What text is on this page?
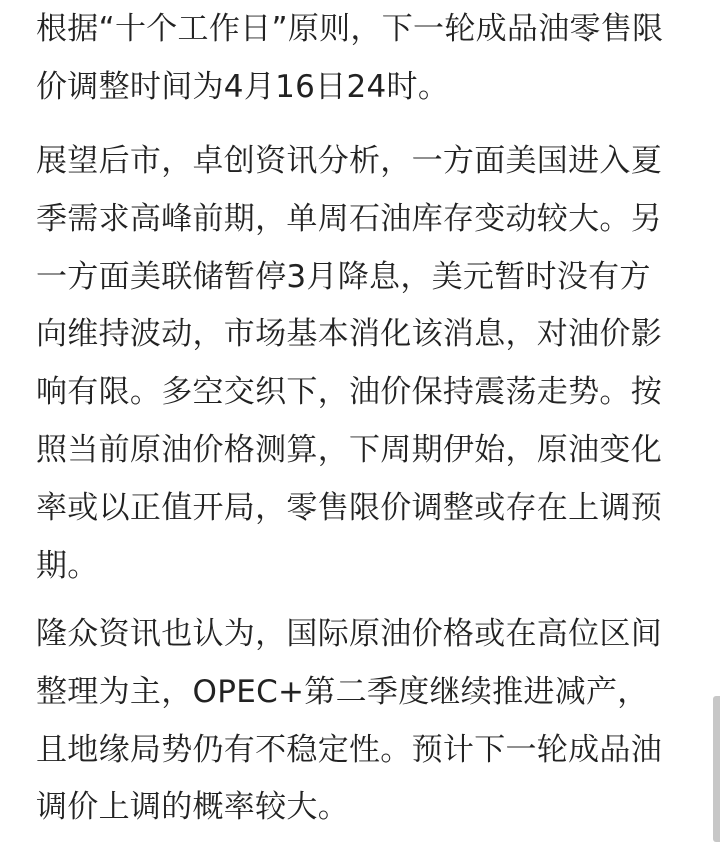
根据“十个工作日”原则，下一轮成品油零售限
价调整时间为4月16日24时。

展望后市，卓创资讯分析，一方面美国进入夏
季需求高峰前期，单周石油库存变动较大。另
一方面美联储暂停3月降息，美元暂时没有方
向维持波动，市场基本消化该消息，对油价影
响有限。多空交织下，油价保持震荡走势。按
照当前原油价格测算，下周期伊始，原油变化
率或以正值开局，零售限价调整或存在上调预
期。

隆众资讯也认为，国际原油价格或在高位区间
整理为主，OPEC+第二季度继续推进减产，
且地缘局势仍有不稳定性。预计下一轮成品油
调价上调的概率较大。
